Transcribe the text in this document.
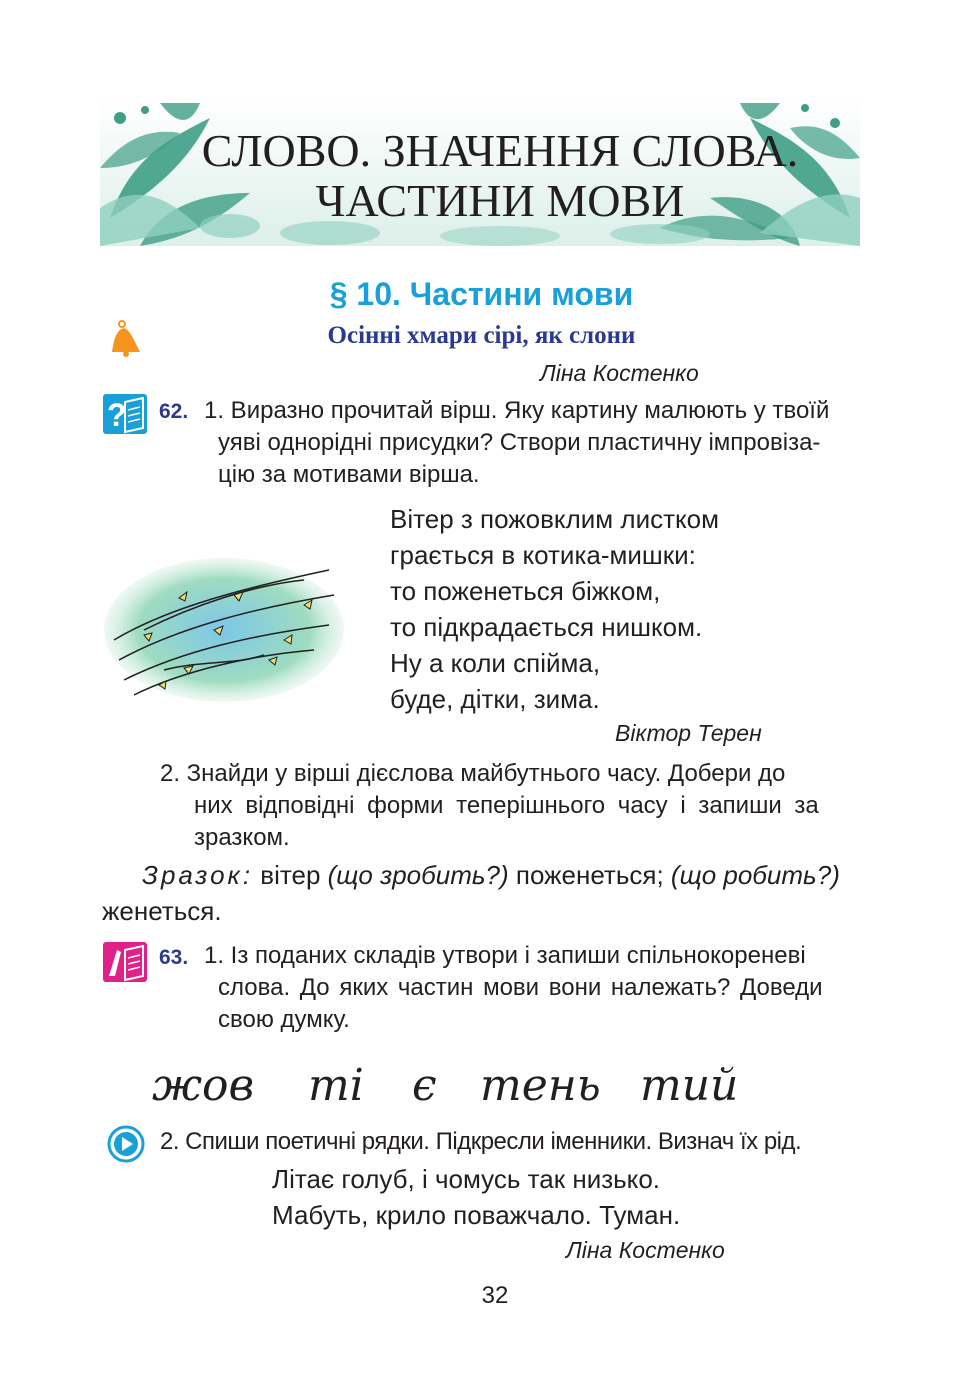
СЛОВО. ЗНАЧЕННЯ СЛОВА.
ЧАСТИНИ МОВИ
§ 10. Частини мови
Осінні хмари сірі, як слони
Ліна Костенко
? 62. 1. Виразно прочитай вірш. Яку картину малюють у твоїй
уяві однорідні присудки? Створи пластичну імпровіза-
цію за мотивами вірша.
Вітер з пожовклим листком
грається в котика-мишки:
то поженеться біжком,
то підкрадається нишком.
Ну а коли спійма,
буде, дітки, зима.
Віктор Терен
2. Знайди у вірші дієслова майбутнього часу. Добери до
них відповідні форми теперішнього часу і запиши за
зразком.
Зразок: вітер (що зробить?) поженеться; (що робить?)
женеться.
63. 1. Із поданих складів утвори і запиши спільнокореневі
слова. До яких частин мови вони належать? Доведи
свою думку.
жов ті є тень тий
2. Спиши поетичні рядки. Підкресли іменники. Визнач їх рід.
Літає голуб, і чомусь так низько.
Мабуть, крило поважчало. Туман.
Ліна Костенко
32
